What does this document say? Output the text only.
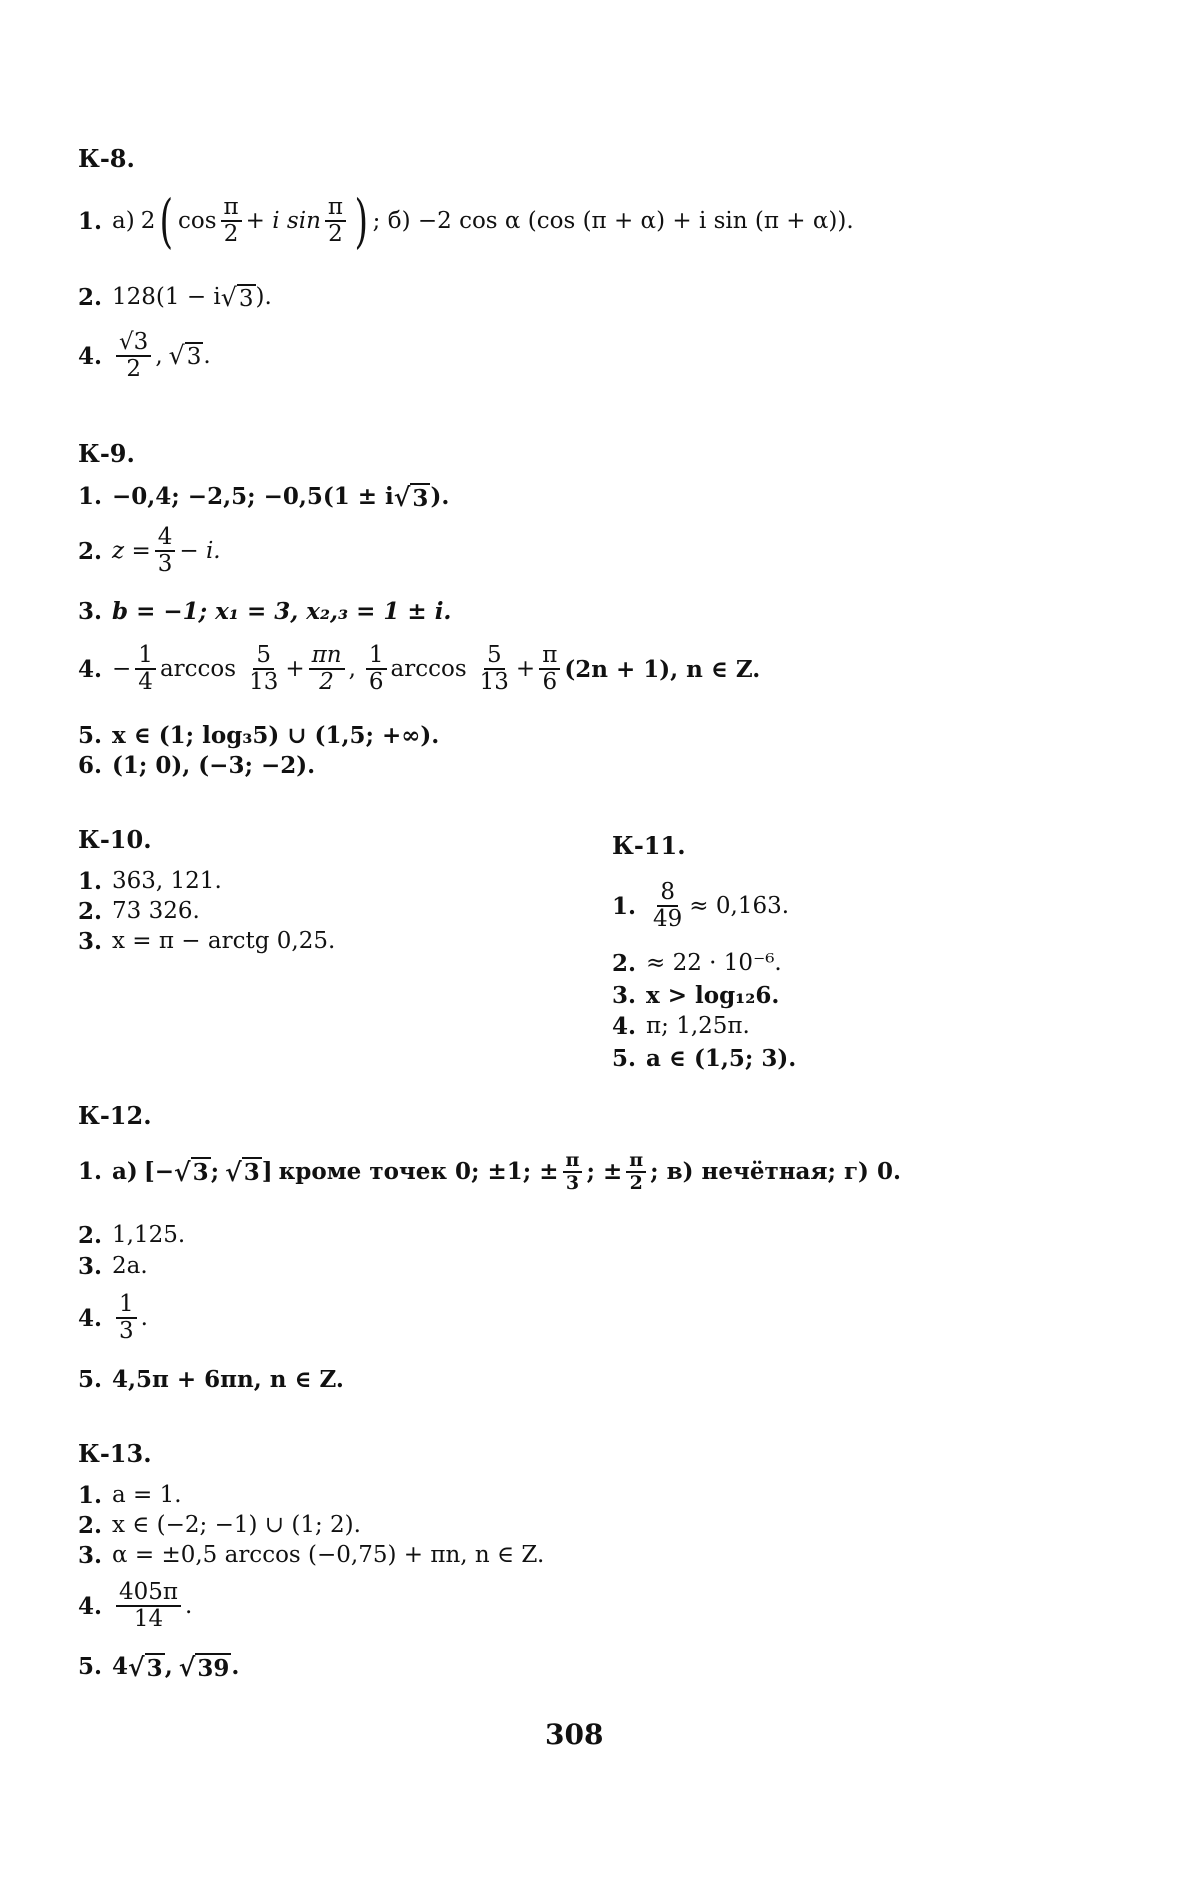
К-8.
1. а) 2 ( $\cos \frac{\pi}{2} + i$ $\sin \frac{\pi}{2}$ ) ; б) −2 cos α (cos (π + α) + i sin (π + α)).
2. 128(1 − i √ 3 ).
4. $\frac{√3}{2}$ , √ 3 .
К-9.
1. −0,4; −2,5; −0,5(1 ± i √ 3 ).
2. $z = \frac{4}{3} - i$.
3. b = −1; x₁ = 3, x₂,₃ = 1 ± i.
4. − $\frac{1}{4}$ $\arccos \frac{5}{13} + \frac{\pi n}{2}$ , $\frac{1}{6}$ $\arccos \frac{5}{13} + \frac{\pi}{6} (2n + 1)$, n ∈ Z.
5. x ∈ (1; log₃5) ∪ (1,5; +∞).
6. (1; 0), (−3; −2).
К-10.
1. 363, 121.
2. 73 326.
3. x = π − arctg 0,25.
К-11.
1. $\frac{8}{49} \approx 0,163$.
2. ≈ 22 · 10⁻⁶.
3. x > log₁₂6.
4. π; 1,25π.
5. a ∈ (1,5; 3).
К-12.
1. а) [− √ 3 ; √ 3 ] кроме точек 0; ±1; ± $\frac{\pi}{3}$ ; ± $\frac{\pi}{2}$ ; в) нечётная; г) 0.
2. 1,125.
3. 2a.
4. $\frac{1}{3}$ .
5. 4,5π + 6πn, n ∈ Z.
К-13.
1. a = 1.
2. x ∈ (−2; −1) ∪ (1; 2).
3. α = ±0,5 arccos (−0,75) + πn, n ∈ Z.
4. $\frac{405\pi}{14}$ .
5. 4 √ 3 , √ 39 .
308
